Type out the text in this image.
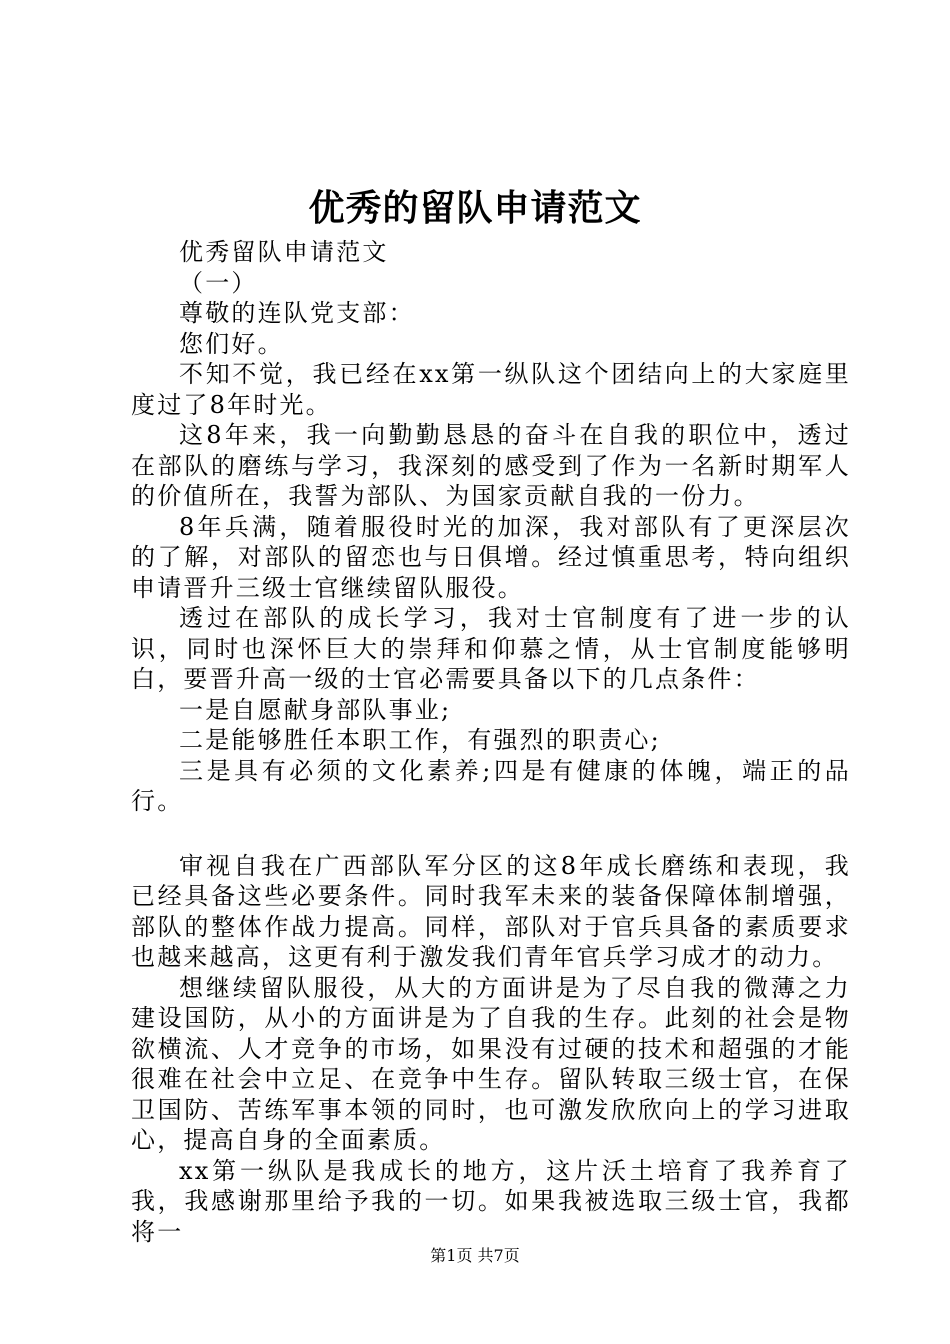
优秀的留队申请范文

优秀留队申请范文

（一）

尊敬的连队党支部：

您们好。

不知不觉，我已经在xx第一纵队这个团结向上的大家庭里度过了8年时光。

这8年来，我一向勤勤恳恳的奋斗在自我的职位中，透过在部队的磨练与学习，我深刻的感受到了作为一名新时期军人的价值所在，我誓为部队、为国家贡献自我的一份力。

8年兵满，随着服役时光的加深，我对部队有了更深层次的了解，对部队的留恋也与日俱增。经过慎重思考，特向组织申请晋升三级士官继续留队服役。

透过在部队的成长学习，我对士官制度有了进一步的认识，同时也深怀巨大的崇拜和仰慕之情，从士官制度能够明白，要晋升高一级的士官必需要具备以下的几点条件：

一是自愿献身部队事业;

二是能够胜任本职工作，有强烈的职责心;

三是具有必须的文化素养;四是有健康的体魄，端正的品行。

审视自我在广西部队军分区的这8年成长磨练和表现，我已经具备这些必要条件。同时我军未来的装备保障体制增强，部队的整体作战力提高。同样，部队对于官兵具备的素质要求也越来越高，这更有利于激发我们青年官兵学习成才的动力。

想继续留队服役，从大的方面讲是为了尽自我的微薄之力建设国防，从小的方面讲是为了自我的生存。此刻的社会是物欲横流、人才竞争的市场，如果没有过硬的技术和超强的才能很难在社会中立足、在竞争中生存。留队转取三级士官，在保卫国防、苦练军事本领的同时，也可激发欣欣向上的学习进取心，提高自身的全面素质。

xx第一纵队是我成长的地方，这片沃土培育了我养育了我，我感谢那里给予我的一切。如果我被选取三级士官，我都将一

第1页 共7页
